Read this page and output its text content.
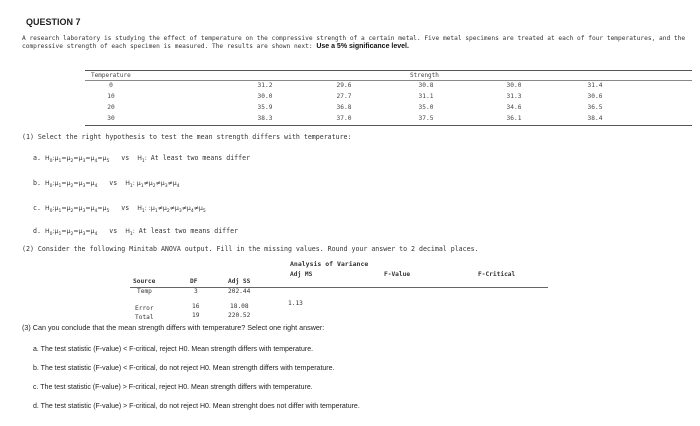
QUESTION 7
A research laboratory is studying the effect of temperature on the compressive strength of a certain metal. Five metal specimens are treated at each of four temperatures, and the compressive strength of each specimen is measured. The results are shown next: Use a 5% significance level.
Temperature	Strength
0	31.2	29.6	30.8	30.0	31.4
10	30.0	27.7	31.1	31.3	30.6
20	35.9	36.8	35.0	34.6	36.5
30	38.3	37.0	37.5	36.1	38.4
(1) Select the right hypothesis to test the mean strength differs with temperature:
a. $H_0:\mu_1=\mu_2=\mu_3=\mu_4=\mu_5$ vs $H_1$: At least two means differ
b. $H_0:\mu_1=\mu_2=\mu_3=\mu_4$ vs $H_1$: $\mu_1\ne\mu_2\ne\mu_3\ne\mu_4$
c. $H_0:\mu_1=\mu_2=\mu_3=\mu_4=\mu_5$ vs $H_1$: $:\mu_1\ne\mu_2\ne\mu_3\ne\mu_4\ne\mu_5$
d. $H_0:\mu_1=\mu_2=\mu_3=\mu_4$ vs $H_1$: At least two means differ
(2) Consider the following Minitab ANOVA output. Fill in the missing values. Round your answer to 2 decimal places.
Analysis of Variance
Source	DF	Adj SS
Adj MS	F-Value	F-Critical
Temp	3	202.44
Error	16	18.08	1.13
Total	19	220.52
(3) Can you conclude that the mean strength differs with temperature? Select one right answer:
a. The test statistic (F-value) < F-critical, reject H0. Mean strength differs with temperature.
b. The test statistic (F-value) < F-critical, do not reject H0. Mean strength differs with temperature.
c. The test statistic (F-value) > F-critical, reject H0. Mean strength differs with temperature.
d. The test statistic (F-value) > F-critical, do not reject H0. Mean strenght does not differ with temperature.
